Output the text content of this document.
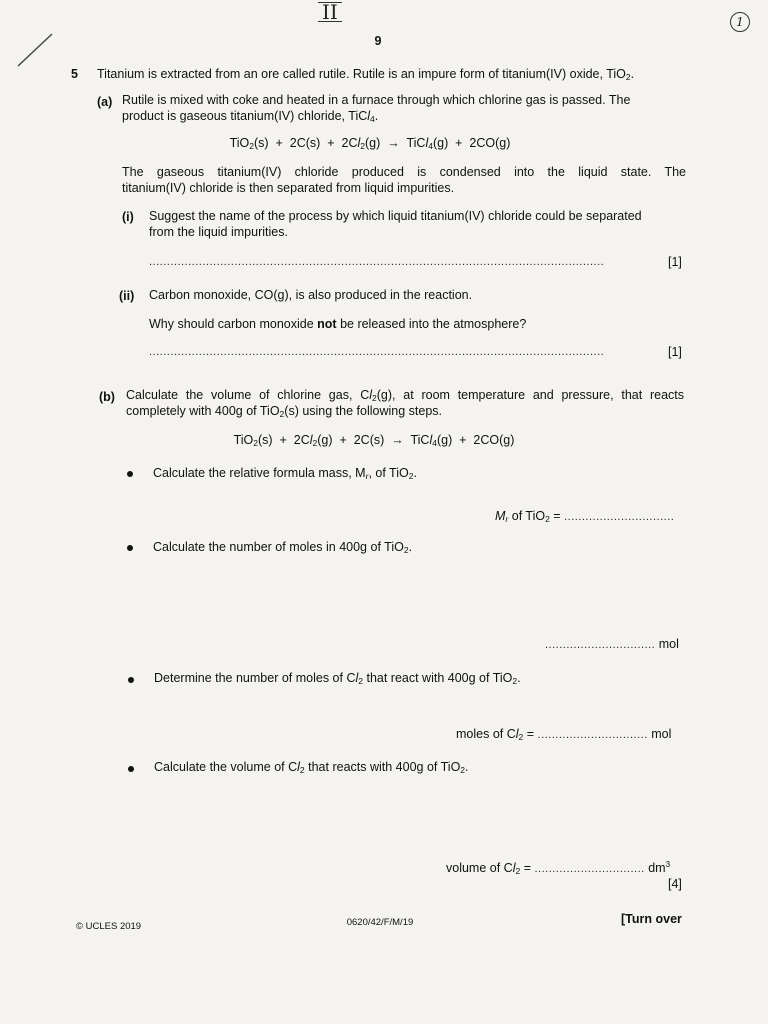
II	1
9
5 Titanium is extracted from an ore called rutile. Rutile is an impure form of titanium(IV) oxide, TiO$_2$.
(a) Rutile is mixed with coke and heated in a furnace through which chlorine gas is passed. The
product is gaseous titanium(IV) chloride, TiCl$_4$.
$TiO_2(s) + 2C(s) + 2Cl_2(g)$  →  TiCl$_4$(g)  +  2CO(g)
The gaseous titanium(IV) chloride produced is condensed into the liquid state. The
titanium(IV) chloride is then separated from liquid impurities.
(i) Suggest the name of the process by which liquid titanium(IV) chloride could be separated
from the liquid impurities.
................................................................................................................................	[1]
(ii) Carbon monoxide, CO(g), is also produced in the reaction.
Why should carbon monoxide not be released into the atmosphere?
................................................................................................................................	[1]
(b) Calculate the volume of chlorine gas, $Cl_2(g)$, at room temperature and pressure, that reacts
completely with 400g of TiO$_2$(s) using the following steps.
$TiO_2(s) + 2Cl_2(g) + 2C(s)$  →  TiCl$_4$(g)  +  2CO(g)
Calculate the relative formula mass, $M_r$, of TiO$_2$.
$M_r$ of TiO$_2$ = ...............................
Calculate the number of moles in 400g of TiO$_2$.
............................... mol
Determine the number of moles of $Cl_2$ that react with 400g of TiO$_2$.
moles of $Cl_2$ = ............................... mol
Calculate the volume of $Cl_2$ that reacts with 400g of TiO$_2$.
volume of $Cl_2$ = ............................... $dm^3$
[4]
© UCLES 2019	0620/42/F/M/19	[Turn over
